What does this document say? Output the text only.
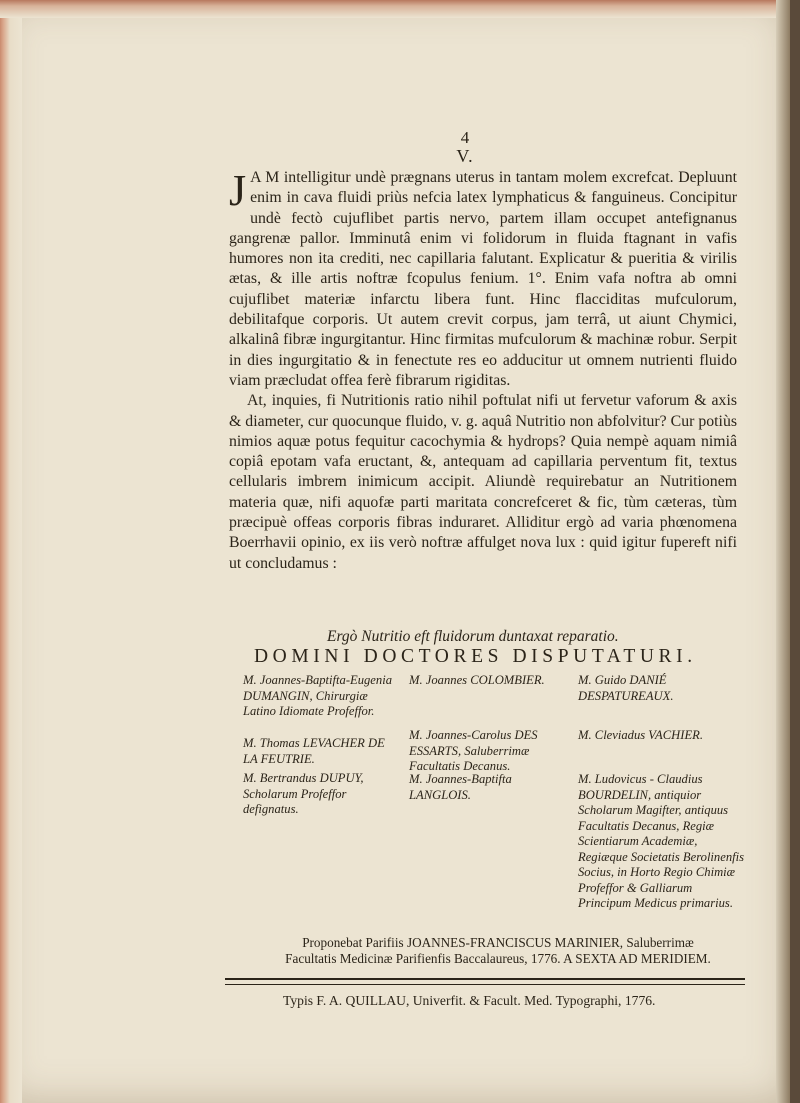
4
V.

J A M intelligitur undè prægnans uterus in tantam molem excrefcat. Depluunt enim in cava fluidi priùs nefcia latex lymphaticus & fanguineus. Concipitur undè fectò cujuflibet partis nervo, partem illam occupet antefignanus gangrenæ pallor. Imminutâ enim vi folidorum in fluida ftagnant in vafis humores non ita crediti, nec capillaria falutant. Explicatur & pueritia & virilis ætas, & ille artis noftræ fcopulus fenium. 1°. Enim vafa noftra ab omni cujuflibet materiæ infarctu libera funt. Hinc flacciditas mufculorum, debilitafque corporis. Ut autem crevit corpus, jam terrâ, ut aiunt Chymici, alkalinâ fibræ ingurgitantur. Hinc firmitas mufculorum & machinæ robur. Serpit in dies ingurgitatio & in fenectute res eo adducitur ut omnem nutrienti fluido viam præcludat offea ferè fibrarum rigiditas.

At, inquies, fi Nutritionis ratio nihil poftulat nifi ut fervetur vaforum & axis & diameter, cur quocunque fluido, v. g. aquâ Nutritio non abfolvitur? Cur potiùs nimios aquæ potus fequitur cacochymia & hydrops? Quia nempè aquam nimiâ copiâ epotam vafa eructant, &, antequam ad capillaria perventum fit, textus cellularis imbrem inimicum accipit. Aliundè requirebatur an Nutritionem materia quæ, nifi aquofæ parti maritata concrefceret & fic, tùm cæteras, tùm præcipuè offeas corporis fibras induraret. Alliditur ergò ad varia phœnomena Boerrhavii opinio, ex iis verò noftræ affulget nova lux : quid igitur fupereft nifi ut concludamus :

Ergò Nutritio eft fluidorum duntaxat reparatio.
DOMINI DOCTORES DISPUTATURI.
M. Joannes-Baptifta-Eugenia DUMANGIN, Chirurgiæ Latino Idiomate Profeffor.
M. Thomas LEVACHER DE LA FEUTRIE.
M. Bertrandus DUPUY, Scholarum Profeffor defignatus.
M. Joannes COLOMBIER.
M. Joannes-Carolus DES ESSARTS, Saluberrimæ Facultatis Decanus.
M. Joannes-Baptifta LANGLOIS.
M. Guido DANIÉ DESPATUREAUX.
M. Cleviadus VACHIER.
M. Ludovicus - Claudius BOURDELIN, antiquior Scholarum Magifter, antiquus Facultatis Decanus, Regiæ Scientiarum Academiæ, Regiæque Societatis Berolinenfis Socius, in Horto Regio Chimiæ Profeffor & Galliarum Principum Medicus primarius.
Proponebat Parifiis JOANNES-FRANCISCUS MARINIER, Saluberrimæ
Facultatis Medicinæ Parifienfis Baccalaureus, 1776. A SEXTA AD MERIDIEM.
Typis F. A. QUILLAU, Univerfit. & Facult. Med. Typographi, 1776.
